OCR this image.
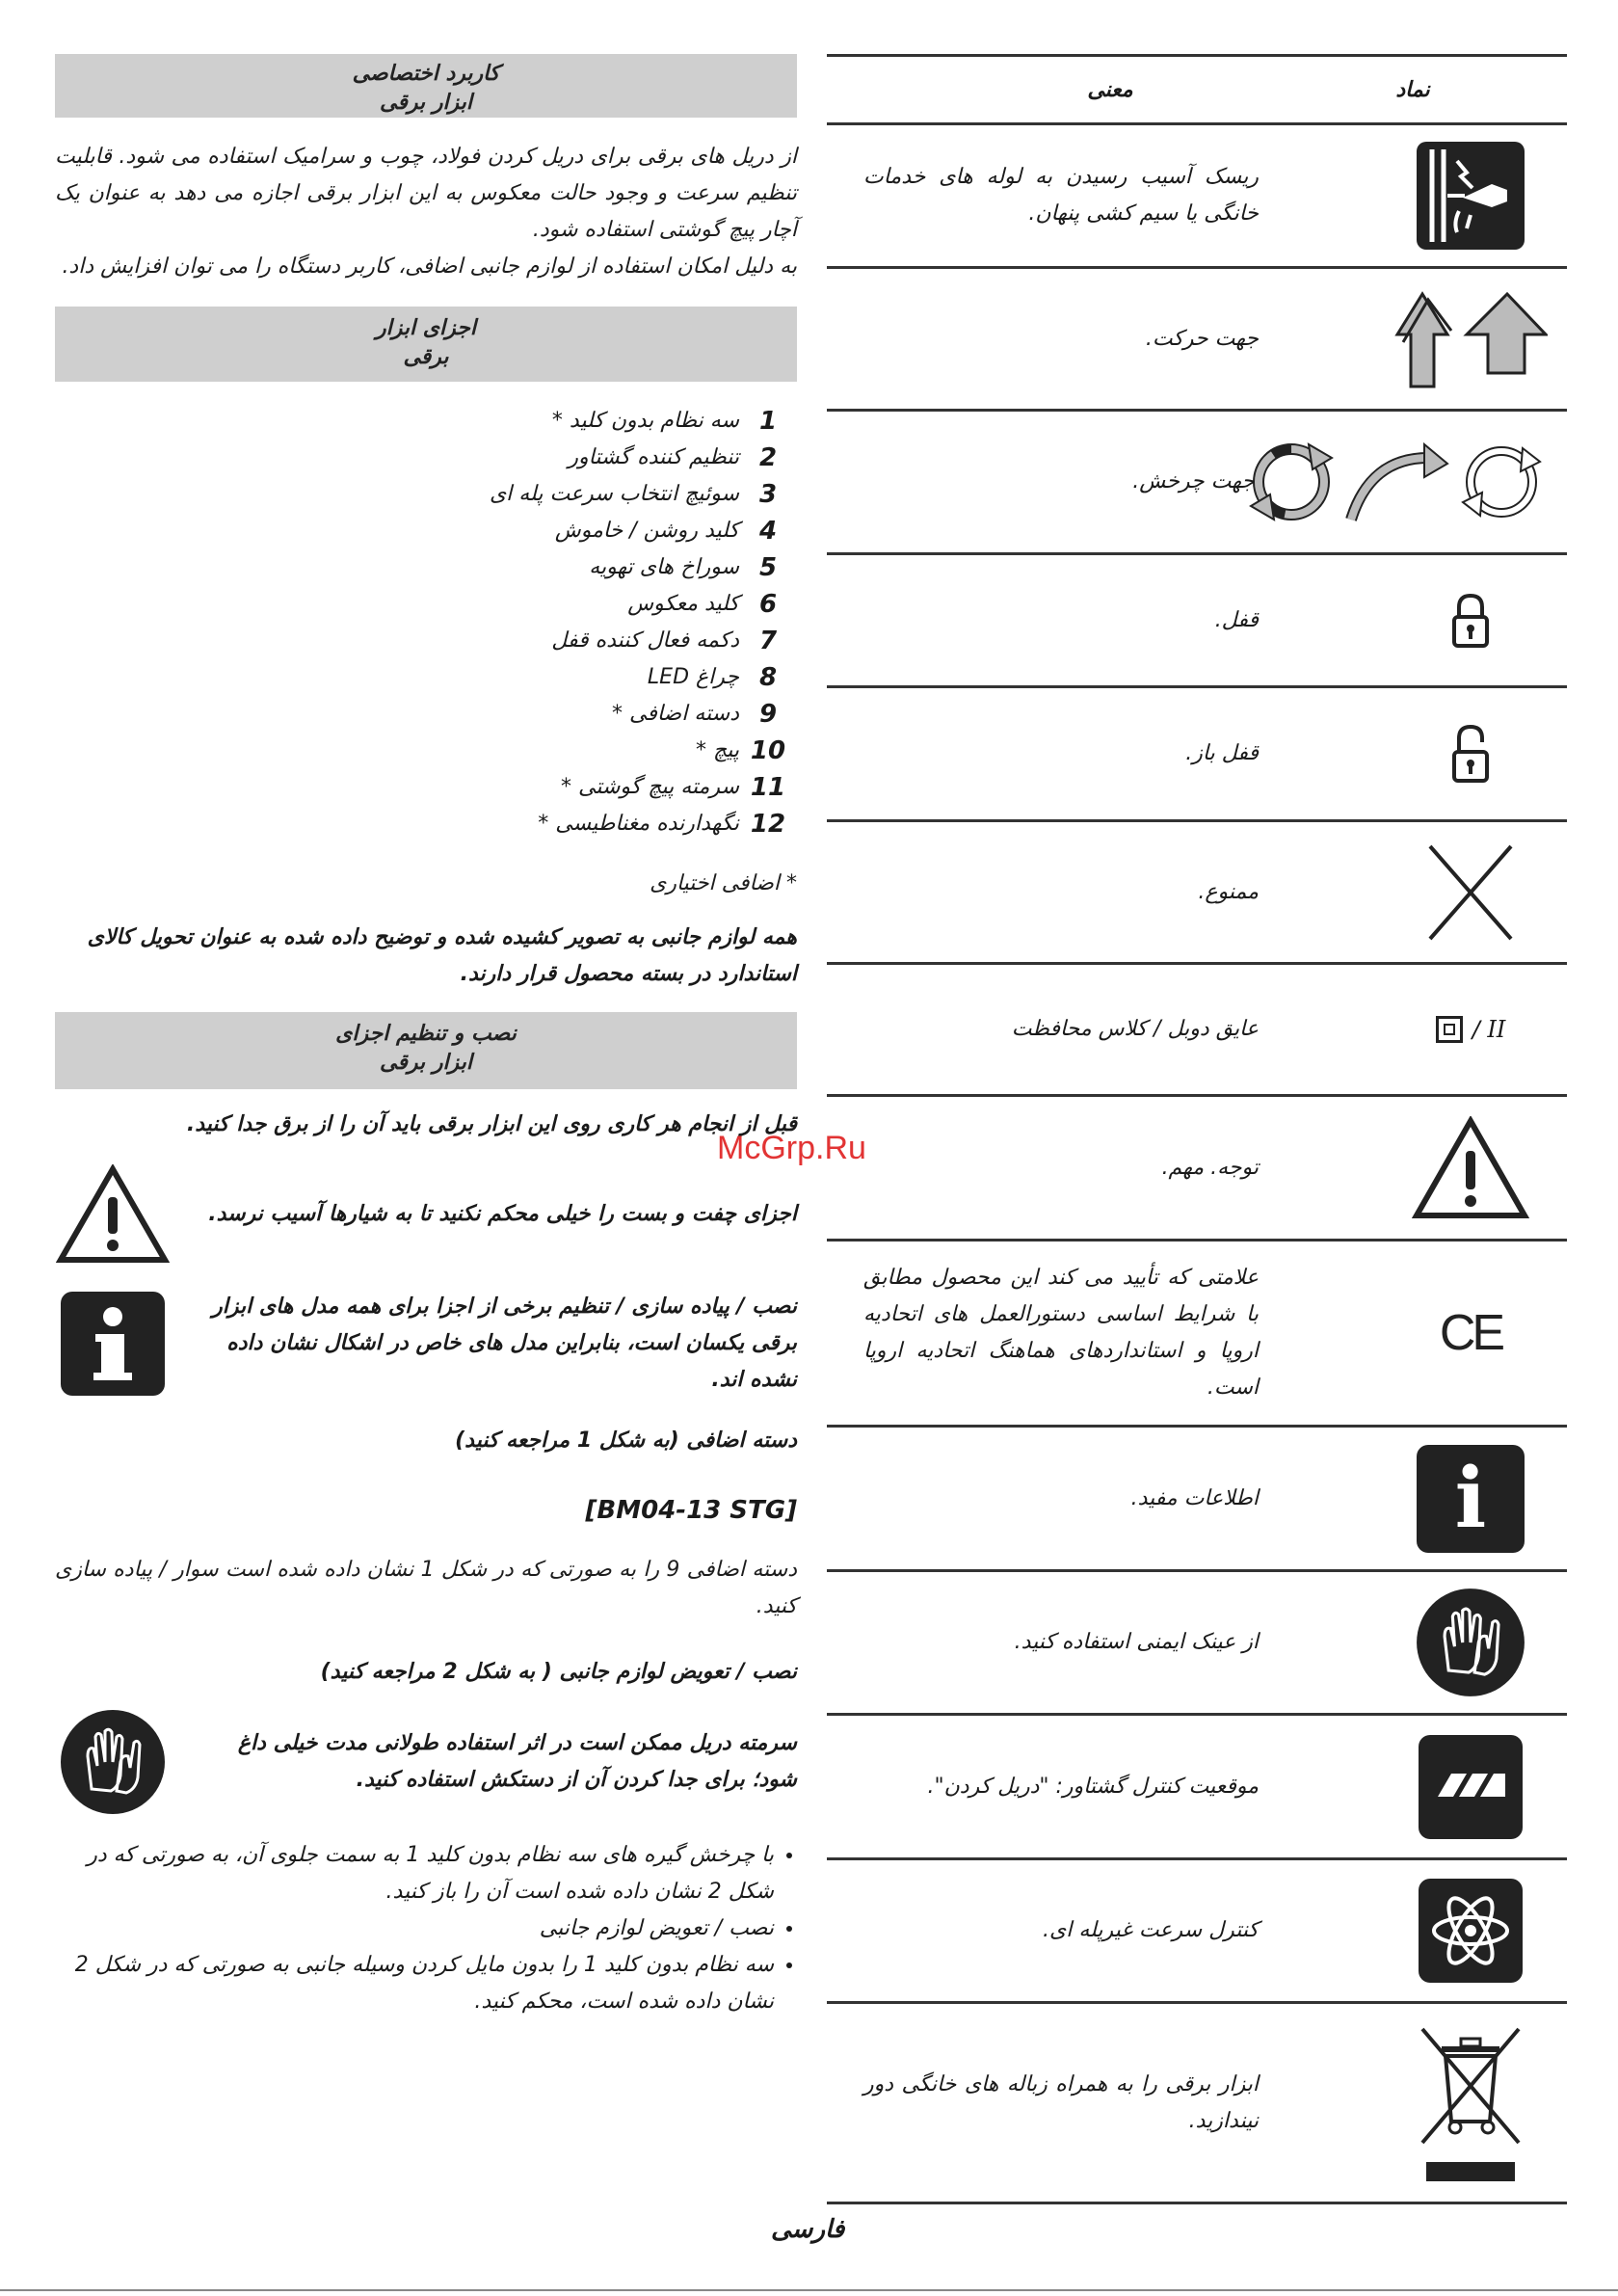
کاربرد اختصاصی
ابزار برقی

از دریل های برقی برای دریل کردن فولاد، چوب و سرامیک استفاده می شود. قابلیت تنظیم سرعت و وجود حالت معکوس به این ابزار برقی اجازه می دهد به عنوان یک آچار پیچ گوشتی استفاده شود.

به دلیل امکان استفاده از لوازم جانبی اضافی، کاربر دستگاه را می توان افزایش داد.

اجزای ابزار
برقی
1
سه نظام بدون کلید *
2
تنظیم کننده گشتاور
3
سوئیچ انتخاب سرعت پله ای
4
کلید روشن / خاموش
5
سوراخ های تهویه
6
کلید معکوس
7
دکمه فعال کننده قفل
8
چراغ LED
9
دسته اضافی *
10
پیچ *
11
سرمته پیچ گوشتی *
12
نگهدارنده مغناطیسی *

* اضافی اختیاری

همه لوازم جانبی به تصویر کشیده شده و توضیح داده شده به عنوان تحویل کالای استاندارد در بسته محصول قرار دارند.

نصب و تنظیم اجزای
ابزار برقی

قبل از انجام هر کاری روی این ابزار برقی باید آن را از برق جدا کنید.

اجزای چفت و بست را خیلی محکم نکنید تا به شیارها آسیب نرسد.
نصب / پیاده سازی / تنظیم برخی از اجزا برای همه مدل های ابزار برقی یکسان است، بنابراین مدل های خاص در اشکال نشان داده نشده اند.

دسته اضافی (به شکل 1 مراجعه کنید)

[BM04-13 STG]

دسته اضافی 9 را به صورتی که در شکل 1 نشان داده شده است سوار / پیاده سازی کنید.

نصب / تعویض لوازم جانبی ( به شکل 2 مراجعه کنید)

سرمته دریل ممکن است در اثر استفاده طولانی مدت خیلی داغ شود؛ برای جدا کردن آن از دستکش استفاده کنید.
• با چرخش گیره های سه نظام بدون کلید 1 به سمت جلوی آن، به صورتی که در شکل 2 نشان داده شده است آن را باز کنید.
• نصب / تعویض لوازم جانبی
• سه نظام بدون کلید 1 را بدون مایل کردن وسیله جانبی به صورتی که در شکل 2 نشان داده شده است، محکم کنید.
نماد
معنی
ریسک آسیب رسیدن به لوله های خدمات خانگی یا سیم کشی پنهان.
جهت حرکت.
جهت چرخش.
قفل.
قفل باز.
ممنوع.
/ II
عایق دوبل / کلاس محافظت
توجه. مهم.
CE
علامتی که تأیید می کند این محصول مطابق با شرایط اساسی دستورالعمل های اتحادیه اروپا و استانداردهای هماهنگ اتحادیه اروپا است.
i
اطلاعات مفید.
از عینک ایمنی استفاده کنید.
موقعیت کنترل گشتاور: "دریل کردن".
کنترل سرعت غیرپله ای.
ابزار برقی را به همراه زباله های خانگی دور نیندازید.
McGrp.Ru
فارسی
